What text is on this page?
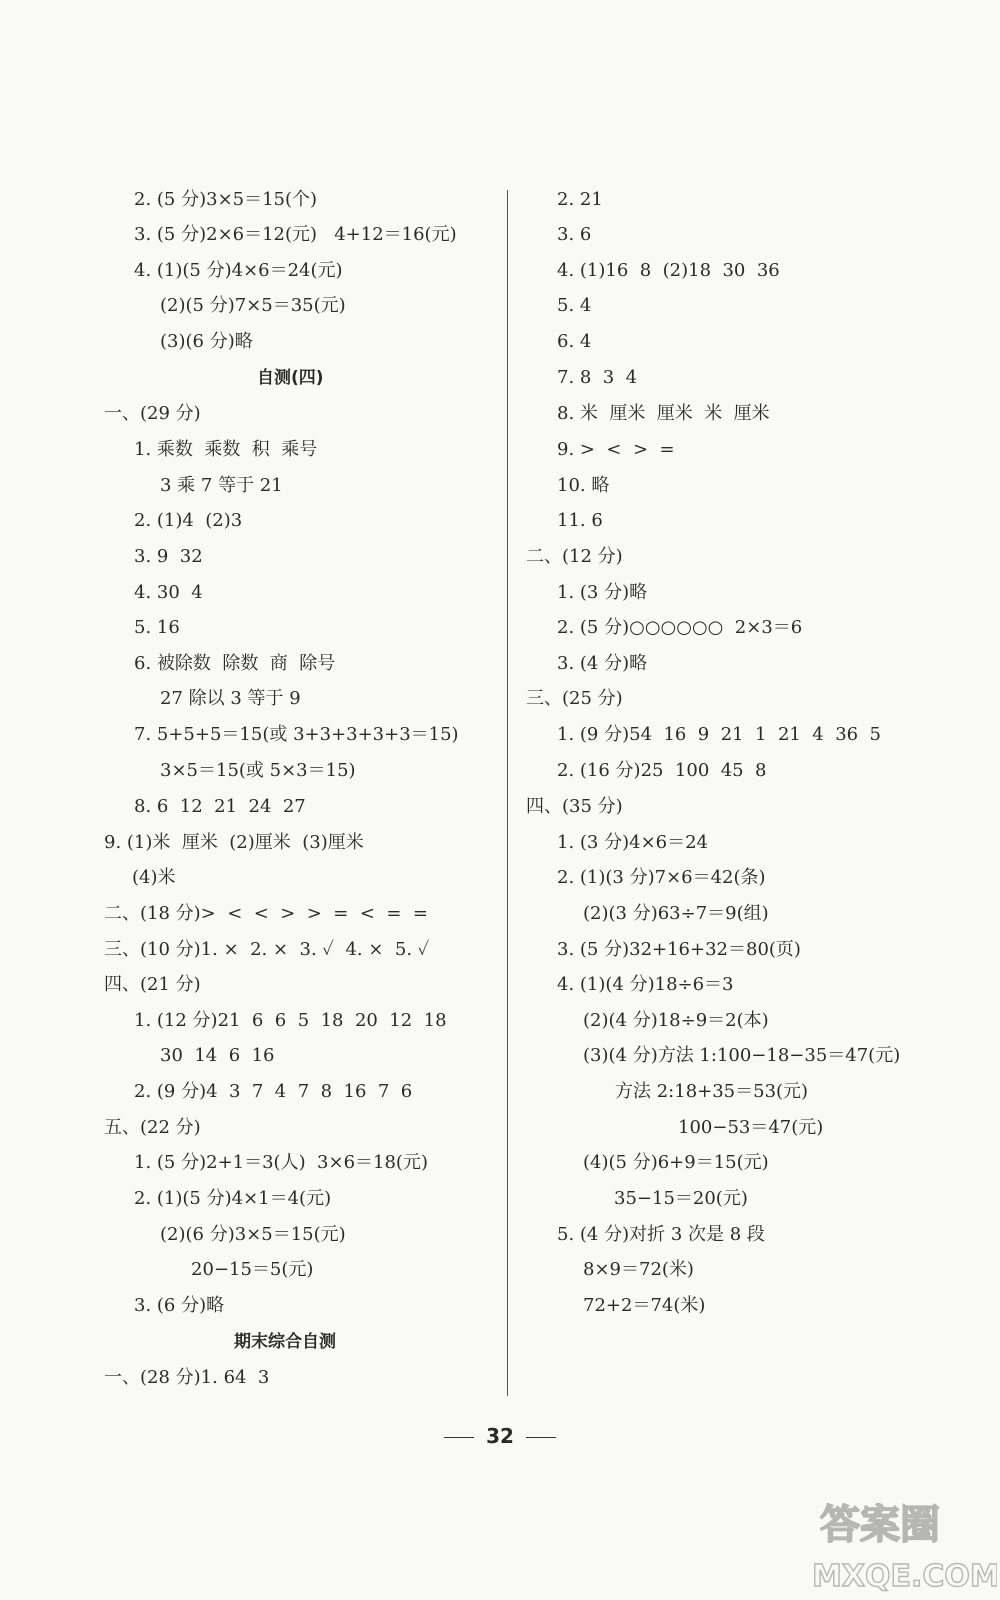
2. (5 分)3×5＝15(个)
3. (5 分)2×6＝12(元)   4+12＝16(元)
4. (1)(5 分)4×6＝24(元)
(2)(5 分)7×5＝35(元)
(3)(6 分)略
自测(四)
一、(29 分)
1. 乘数  乘数  积  乘号
3 乘 7 等于 21
2. (1)4  (2)3
3. 9  32
4. 30  4
5. 16
6. 被除数  除数  商  除号
27 除以 3 等于 9
7. 5+5+5＝15(或 3+3+3+3+3＝15)
3×5＝15(或 5×3＝15)
8. 6  12  21  24  27
9. (1)米  厘米  (2)厘米  (3)厘米
(4)米
二、(18 分)>  <  <  >  >  =  <  =  =
三、(10 分)1. ×  2. ×  3. ✓  4. ×  5. ✓
四、(21 分)
1. (12 分)21  6  6  5  18  20  12  18
30  14  6  16
2. (9 分)4  3  7  4  7  8  16  7  6
五、(22 分)
1. (5 分)2+1＝3(人)  3×6＝18(元)
2. (1)(5 分)4×1＝4(元)
(2)(6 分)3×5＝15(元)
20−15＝5(元)
3. (6 分)略
期末综合自测
一、(28 分)1. 64  3
2. 21
3. 6
4. (1)16  8  (2)18  30  36
5. 4
6. 4
7. 8  3  4
8. 米  厘米  厘米  米  厘米
9. >  <  >  =
10. 略
11. 6
二、(12 分)
1. (3 分)略
2. (5 分)○○○○○○  2×3＝6
3. (4 分)略
三、(25 分)
1. (9 分)54  16  9  21  1  21  4  36  5
2. (16 分)25  100  45  8
四、(35 分)
1. (3 分)4×6＝24
2. (1)(3 分)7×6＝42(条)
(2)(3 分)63÷7＝9(组)
3. (5 分)32+16+32＝80(页)
4. (1)(4 分)18÷6＝3
(2)(4 分)18÷9＝2(本)
(3)(4 分)方法 1:100−18−35＝47(元)
方法 2:18+35＝53(元)
100−53＝47(元)
(4)(5 分)6+9＝15(元)
35−15＝20(元)
5. (4 分)对折 3 次是 8 段
8×9＝72(米)
72+2＝74(米)
32
答案圈
MXQE.COM
